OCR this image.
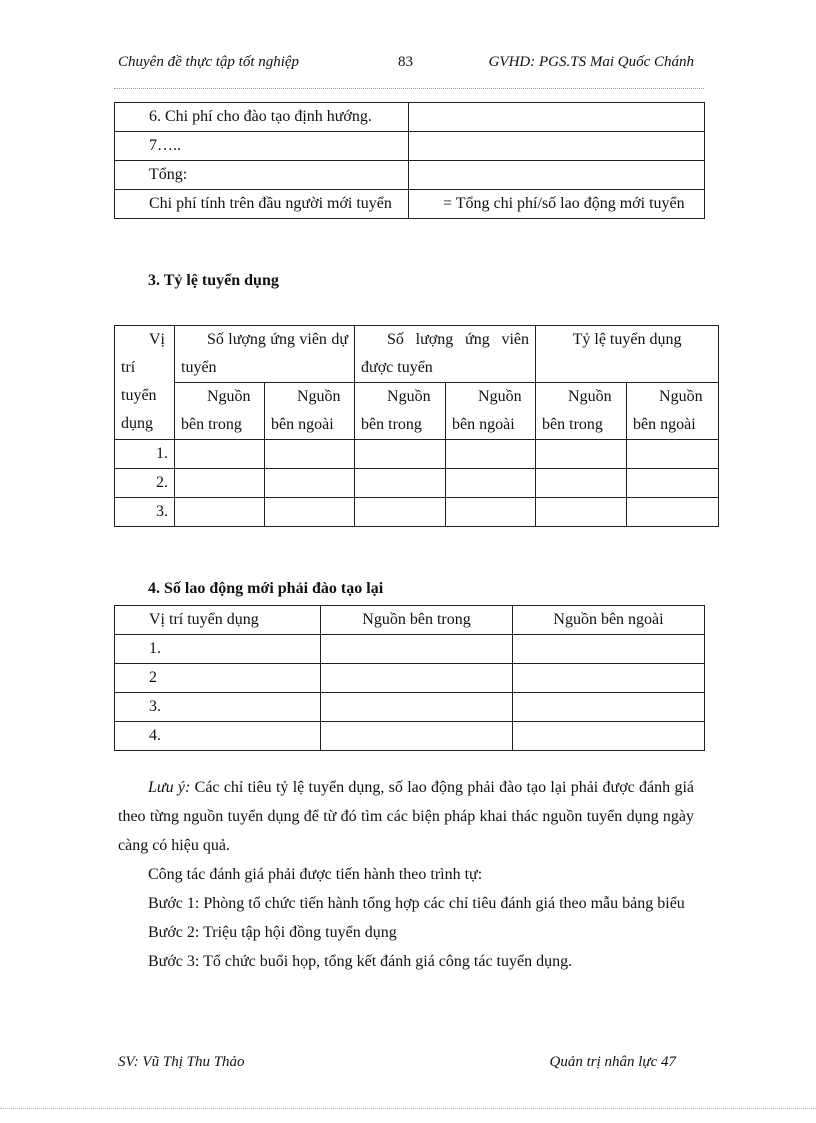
Chuyên đề thực tập tốt nghiệp	83	GVHD: PGS.TS Mai Quốc Chánh
6. Chi phí cho đào tạo định hướng.	
7…..	
Tổng:	
Chi phí tính trên đầu người mới tuyển	= Tổng chi phí/số lao động mới tuyển
3. Tỷ lệ tuyển dụng
Vị trí tuyển dụng	Số lượng ứng viên dự tuyển		Số lượng ứng viên được tuyển		Tỷ lệ tuyển dụng	
	Nguồn bên trong	Nguồn bên ngoài	Nguồn bên trong	Nguồn bên ngoài	Nguồn bên trong	Nguồn bên ngoài
1.						
2.						
3.						
4. Số lao động mới phải đào tạo lại
Vị trí tuyển dụng	Nguồn bên trong	Nguồn bên ngoài
1.		
2		
3.		
4.		

Lưu ý: Các chỉ tiêu tỷ lệ tuyển dụng, số lao động phải đào tạo lại phải được đánh giá theo từng nguồn tuyển dụng để từ đó tìm các biện pháp khai thác nguồn tuyển dụng ngày càng có hiệu quả.

Công tác đánh giá phải được tiến hành theo trình tự:

Bước 1: Phòng tổ chức tiến hành tổng hợp các chỉ tiêu đánh giá theo mẫu bảng biểu

Bước 2: Triệu tập hội đồng tuyển dụng

Bước 3: Tổ chức buổi họp, tổng kết đánh giá công tác tuyển dụng.

SV: Vũ Thị Thu Thảo	Quản trị nhân lực 47
